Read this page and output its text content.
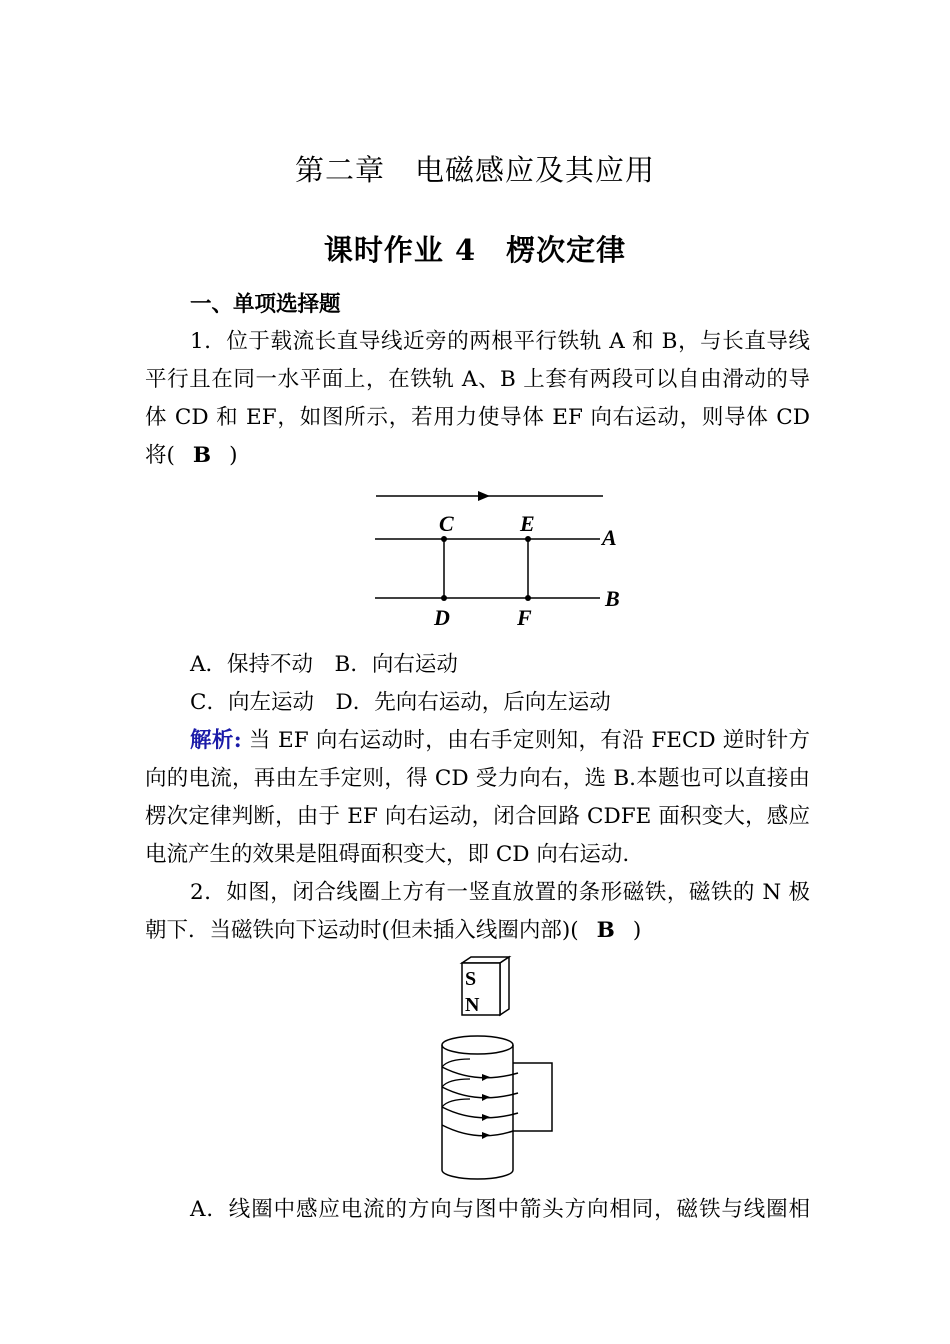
第二章　电磁感应及其应用
课时作业 4　楞次定律
一、单项选择题
1．位于载流长直导线近旁的两根平行铁轨 A 和 B，与长直导线
平行且在同一水平面上，在铁轨 A、B 上套有两段可以自由滑动的导
体 CD 和 EF，如图所示，若用力使导体 EF 向右运动，则导体 CD
将( B )
C	E
A
D	F
B
A．保持不动　B．向右运动
C．向左运动　D．先向右运动，后向左运动
解析: 当 EF 向右运动时，由右手定则知，有沿 FECD 逆时针方
向的电流，再由左手定则，得 CD 受力向右，选 B.本题也可以直接由
楞次定律判断，由于 EF 向右运动，闭合回路 CDFE 面积变大，感应
电流产生的效果是阻碍面积变大，即 CD 向右运动.
2．如图，闭合线圈上方有一竖直放置的条形磁铁，磁铁的 N 极
朝下．当磁铁向下运动时(但未插入线圈内部)( B )
S
N
A．线圈中感应电流的方向与图中箭头方向相同，磁铁与线圈相
